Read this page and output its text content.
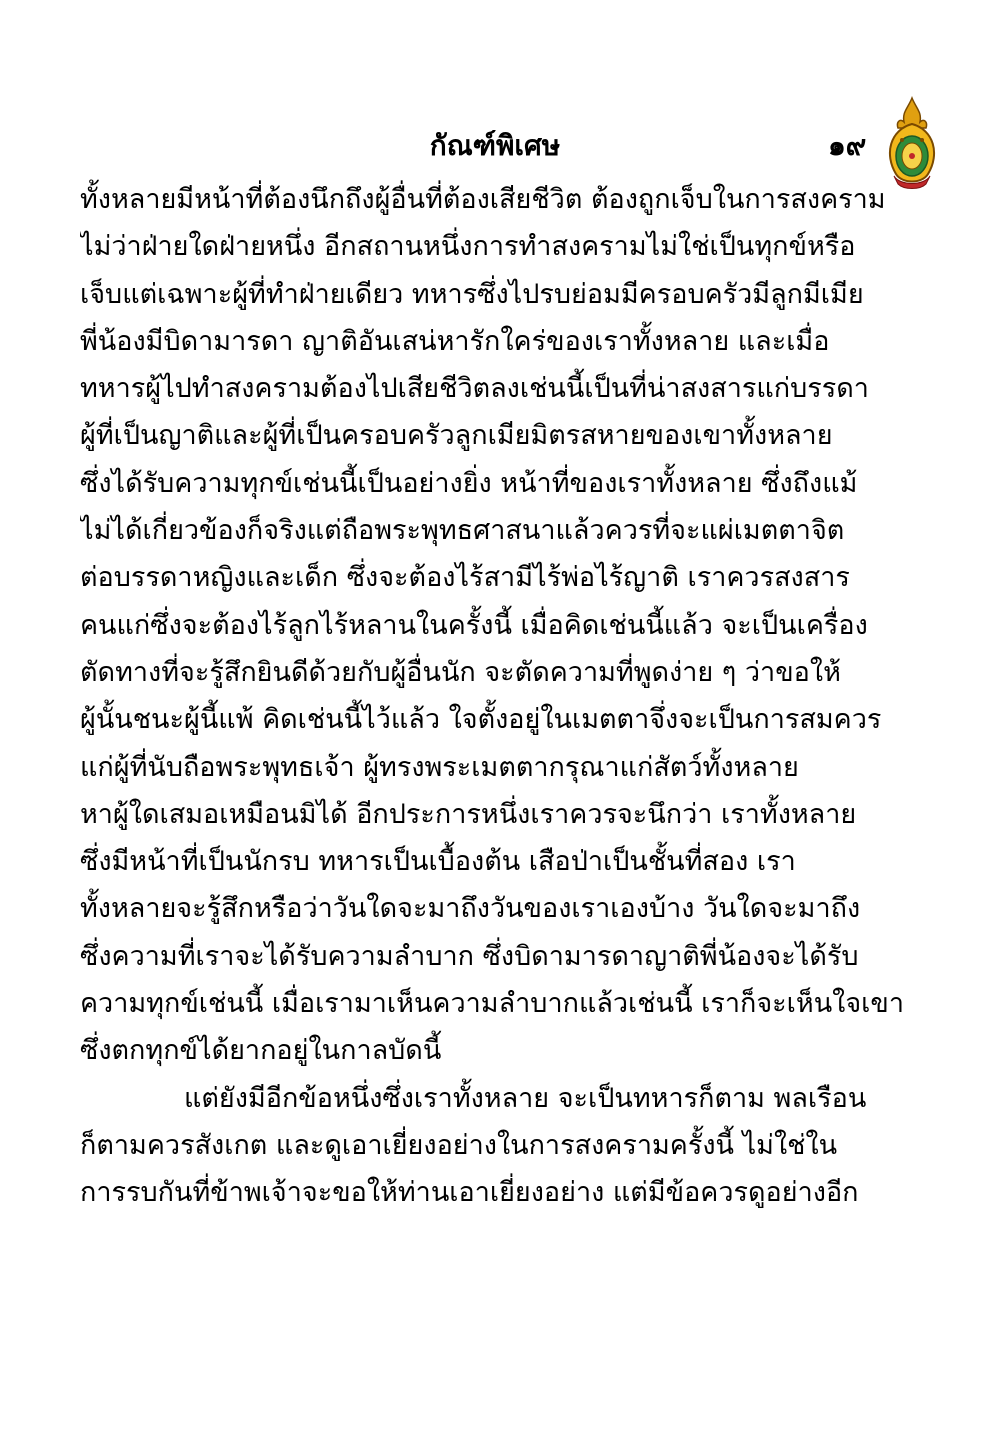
กัณฑ์พิเศษ	๑๙
ทั้งหลายมีหน้าที่ต้องนึกถึงผู้อื่นที่ต้องเสียชีวิต ต้องถูกเจ็บในการสงคราม
ไม่ว่าฝ่ายใดฝ่ายหนึ่ง อีกสถานหนึ่งการทำสงครามไม่ใช่เป็นทุกข์หรือ
เจ็บแต่เฉพาะผู้ที่ทำฝ่ายเดียว ทหารซึ่งไปรบย่อมมีครอบครัวมีลูกมีเมีย
พี่น้องมีบิดามารดา ญาติอันเสน่หารักใคร่ของเราทั้งหลาย และเมื่อ
ทหารผู้ไปทำสงครามต้องไปเสียชีวิตลงเช่นนี้เป็นที่น่าสงสารแก่บรรดา
ผู้ที่เป็นญาติและผู้ที่เป็นครอบครัวลูกเมียมิตรสหายของเขาทั้งหลาย
ซึ่งได้รับความทุกข์เช่นนี้เป็นอย่างยิ่ง หน้าที่ของเราทั้งหลาย ซึ่งถึงแม้
ไม่ได้เกี่ยวข้องก็จริงแต่ถือพระพุทธศาสนาแล้วควรที่จะแผ่เมตตาจิต
ต่อบรรดาหญิงและเด็ก ซึ่งจะต้องไร้สามีไร้พ่อไร้ญาติ เราควรสงสาร
คนแก่ซึ่งจะต้องไร้ลูกไร้หลานในครั้งนี้ เมื่อคิดเช่นนี้แล้ว จะเป็นเครื่อง
ตัดทางที่จะรู้สึกยินดีด้วยกับผู้อื่นนัก จะตัดความที่พูดง่าย ๆ ว่าขอให้
ผู้นั้นชนะผู้นี้แพ้ คิดเช่นนี้ไว้แล้ว ใจตั้งอยู่ในเมตตาจึ่งจะเป็นการสมควร
แก่ผู้ที่นับถือพระพุทธเจ้า ผู้ทรงพระเมตตากรุณาแก่สัตว์ทั้งหลาย
หาผู้ใดเสมอเหมือนมิได้ อีกประการหนึ่งเราควรจะนึกว่า เราทั้งหลาย
ซึ่งมีหน้าที่เป็นนักรบ ทหารเป็นเบื้องต้น เสือป่าเป็นชั้นที่สอง เรา
ทั้งหลายจะรู้สึกหรือว่าวันใดจะมาถึงวันของเราเองบ้าง วันใดจะมาถึง
ซึ่งความที่เราจะได้รับความลำบาก ซึ่งบิดามารดาญาติพี่น้องจะได้รับ
ความทุกข์เช่นนี้ เมื่อเรามาเห็นความลำบากแล้วเช่นนี้ เราก็จะเห็นใจเขา
ซึ่งตกทุกข์ได้ยากอยู่ในกาลบัดนี้
แต่ยังมีอีกข้อหนึ่งซึ่งเราทั้งหลาย จะเป็นทหารก็ตาม พลเรือน
ก็ตามควรสังเกต และดูเอาเยี่ยงอย่างในการสงครามครั้งนี้ ไม่ใช่ใน
การรบกันที่ข้าพเจ้าจะขอให้ท่านเอาเยี่ยงอย่าง แต่มีข้อควรดูอย่างอีก
